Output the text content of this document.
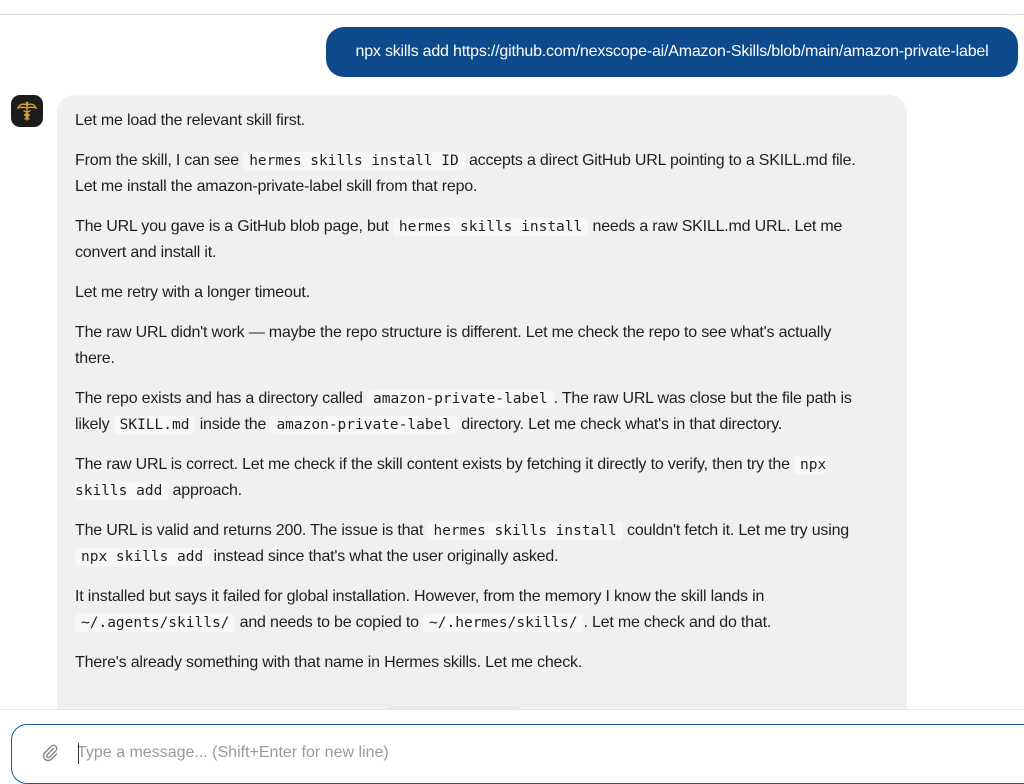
npx skills add https://github.com/nexscope-ai/Amazon-Skills/blob/main/amazon-private-label

Let me load the relevant skill first.

From the skill, I can see hermes skills install ID accepts a direct GitHub URL pointing to a SKILL.md file. Let me install the amazon-private-label skill from that repo.

The URL you gave is a GitHub blob page, but hermes skills install needs a raw SKILL.md URL. Let me convert and install it.

Let me retry with a longer timeout.

The raw URL didn't work — maybe the repo structure is different. Let me check the repo to see what's actually there.

The repo exists and has a directory called amazon-private-label . The raw URL was close but the file path is likely SKILL.md inside the amazon-private-label directory. Let me check what's in that directory.

The raw URL is correct. Let me check if the skill content exists by fetching it directly to verify, then try the npx skills add approach.

The URL is valid and returns 200. The issue is that hermes skills install couldn't fetch it. Let me try using npx skills add instead since that's what the user originally asked.

It installed but says it failed for global installation. However, from the memory I know the skill lands in ~/.agents/skills/ and needs to be copied to ~/.hermes/skills/ . Let me check and do that.

There's already something with that name in Hermes skills. Let me check.

Type a message... (Shift+Enter for new line)
